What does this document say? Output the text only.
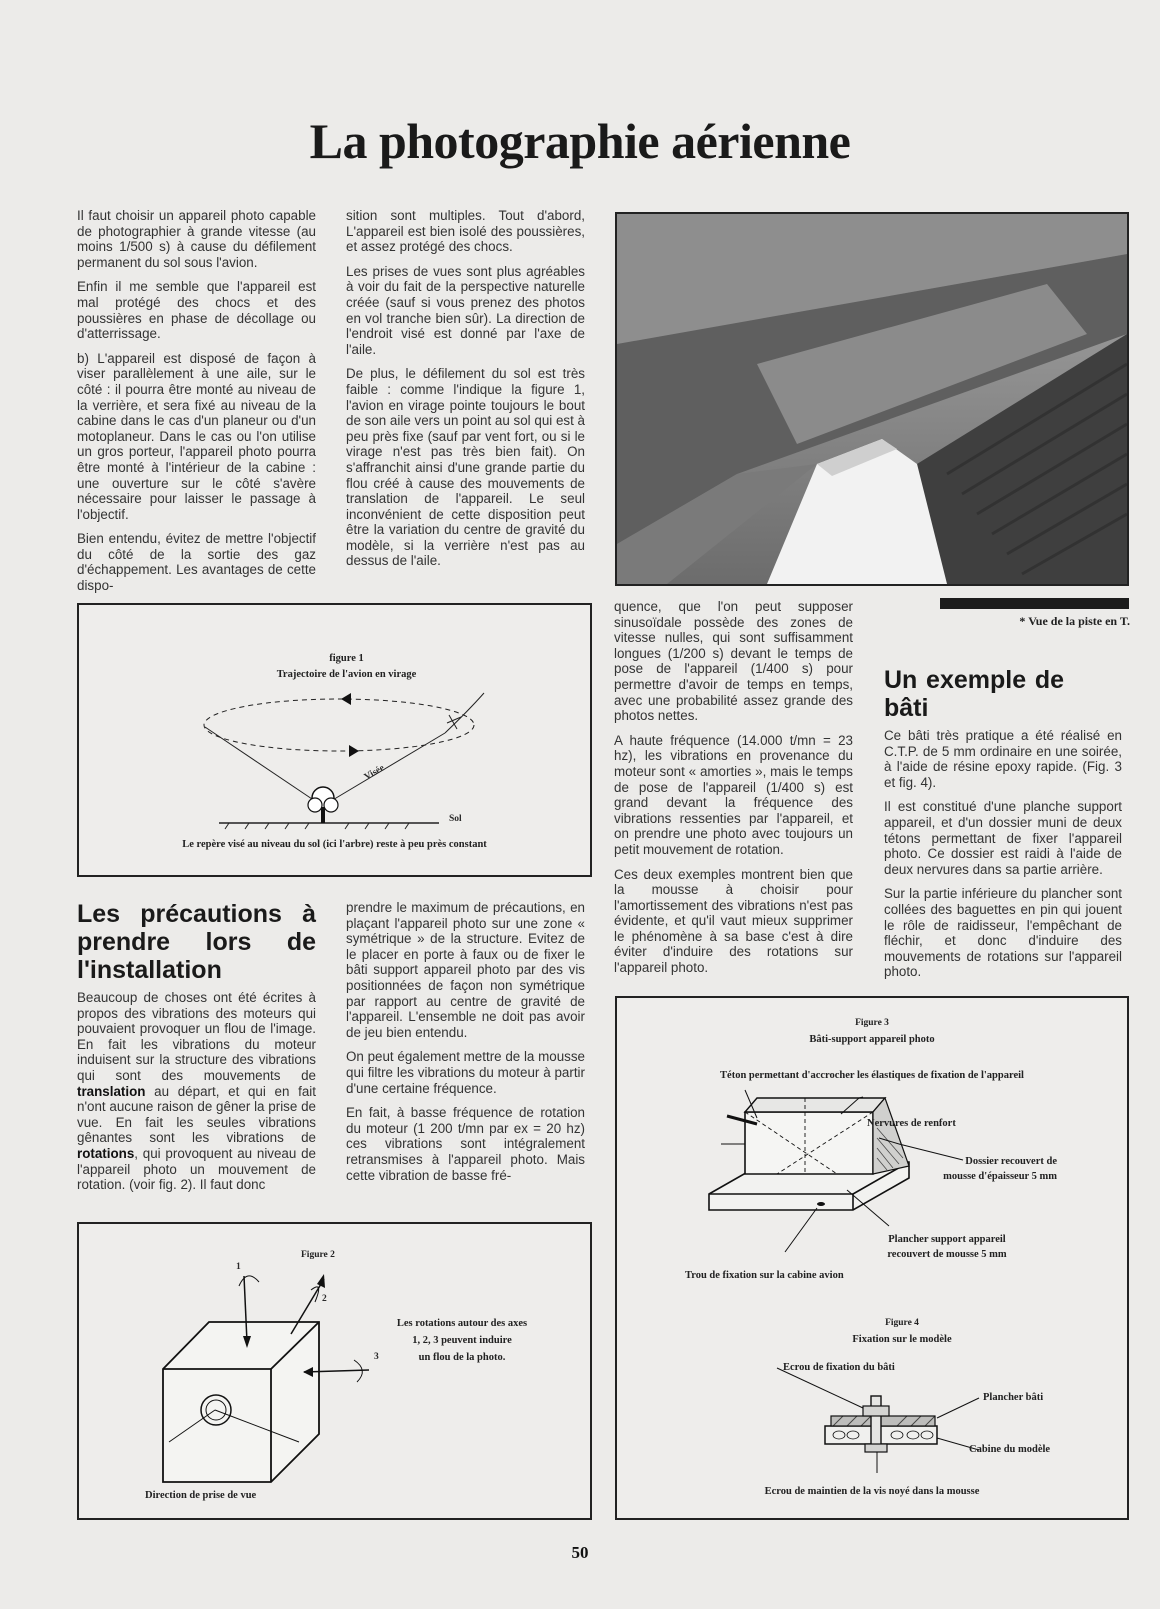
La photographie aérienne

Il faut choisir un appareil photo capable de photographier à grande vitesse (au moins 1/500 s) à cause du défilement permanent du sol sous l'avion.

Enfin il me semble que l'appareil est mal protégé des chocs et des poussières en phase de décollage ou d'atterrissage.

b) L'appareil est disposé de façon à viser parallèlement à une aile, sur le côté : il pourra être monté au niveau de la verrière, et sera fixé au niveau de la cabine dans le cas d'un planeur ou d'un motoplaneur. Dans le cas ou l'on utilise un gros porteur, l'appareil photo pourra être monté à l'intérieur de la cabine : une ouverture sur le côté s'avère nécessaire pour laisser le passage à l'objectif.

Bien entendu, évitez de mettre l'objectif du côté de la sortie des gaz d'échappement. Les avantages de cette dispo-

sition sont multiples. Tout d'abord, L'appareil est bien isolé des poussières, et assez protégé des chocs.

Les prises de vues sont plus agréables à voir du fait de la perspective naturelle créée (sauf si vous prenez des photos en vol tranche bien sûr). La direction de l'endroit visé est donné par l'axe de l'aile.

De plus, le défilement du sol est très faible : comme l'indique la figure 1, l'avion en virage pointe toujours le bout de son aile vers un point au sol qui est à peu près fixe (sauf par vent fort, ou si le virage n'est pas très bien fait). On s'affranchit ainsi d'une grande partie du flou créé à cause des mouvements de translation de l'appareil. Le seul inconvénient de cette disposition peut être la variation du centre de gravité du modèle, si la verrière n'est pas au dessus de l'aile.

* Vue de la piste en T.
figure 1
Trajectoire de l'avion en virage
Visée
Sol
Le repère visé au niveau du sol (ici l'arbre) reste à peu près constant

quence, que l'on peut supposer sinusoïdale possède des zones de vitesse nulles, qui sont suffisamment longues (1/200 s) devant le temps de pose de l'appareil (1/400 s) pour permettre d'avoir de temps en temps, avec une probabilité assez grande des photos nettes.

A haute fréquence (14.000 t/mn = 23 hz), les vibrations en provenance du moteur sont « amorties », mais le temps de pose de l'appareil (1/400 s) est grand devant la fréquence des vibrations ressenties par l'appareil, et on prendre une photo avec toujours un petit mouvement de rotation.

Ces deux exemples montrent bien que la mousse à choisir pour l'amortissement des vibrations n'est pas évidente, et qu'il vaut mieux supprimer le phénomène à sa base c'est à dire éviter d'induire des rotations sur l'appareil photo.

Un exemple de bâti

Ce bâti très pratique a été réalisé en C.T.P. de 5 mm ordinaire en une soirée, à l'aide de résine epoxy rapide. (Fig. 3 et fig. 4).

Il est constitué d'une planche support appareil, et d'un dossier muni de deux tétons permettant de fixer l'appareil photo. Ce dossier est raidi à l'aide de deux nervures dans sa partie arrière.

Sur la partie inférieure du plancher sont collées des baguettes en pin qui jouent le rôle de raidisseur, l'empêchant de fléchir, et donc d'induire des mouvements de rotations sur l'appareil photo.

Les précautions à prendre lors de l'installation

Beaucoup de choses ont été écrites à propos des vibrations des moteurs qui pouvaient provoquer un flou de l'image. En fait les vibrations du moteur induisent sur la structure des vibrations qui sont des mouvements de translation au départ, et qui en fait n'ont aucune raison de gêner la prise de vue. En fait les seules vibrations gênantes sont les vibrations de rotations, qui provoquent au niveau de l'appareil photo un mouvement de rotation. (voir fig. 2). Il faut donc

prendre le maximum de précautions, en plaçant l'appareil photo sur une zone « symétrique » de la structure. Evitez de le placer en porte à faux ou de fixer le bâti support appareil photo par des vis positionnées de façon non symétrique par rapport au centre de gravité de l'appareil. L'ensemble ne doit pas avoir de jeu bien entendu.

On peut également mettre de la mousse qui filtre les vibrations du moteur à partir d'une certaine fréquence.

En fait, à basse fréquence de rotation du moteur (1 200 t/mn par ex = 20 hz) ces vibrations sont intégralement retransmises à l'appareil photo. Mais cette vibration de basse fré-

Figure 2
1
2
3
Les rotations autour des axes
1, 2, 3 peuvent induire
un flou de la photo.
Direction de prise de vue
Figure 3
Bâti-support appareil photo
Téton permettant d'accrocher les élastiques de fixation de l'appareil
Nervures de renfort
Dossier recouvert de
mousse d'épaisseur 5 mm
Plancher support appareil
recouvert de mousse 5 mm
Trou de fixation sur la cabine avion
Figure 4
Fixation sur le modèle
Ecrou de fixation du bâti
Plancher bâti
Cabine du modèle
Ecrou de maintien de la vis noyé dans la mousse
50
